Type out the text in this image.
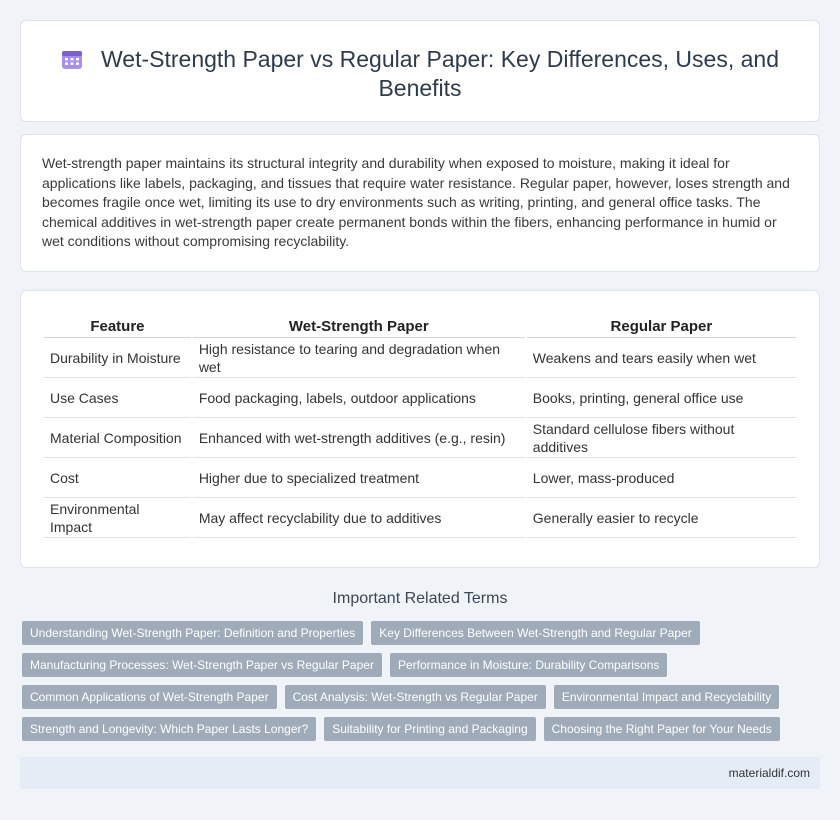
Wet-Strength Paper vs Regular Paper: Key Differences, Uses, and Benefits

Wet-strength paper maintains its structural integrity and durability when exposed to moisture, making it ideal for applications like labels, packaging, and tissues that require water resistance. Regular paper, however, loses strength and becomes fragile once wet, limiting its use to dry environments such as writing, printing, and general office tasks. The chemical additives in wet-strength paper create permanent bonds within the fibers, enhancing performance in humid or wet conditions without compromising recyclability.

Feature	Wet-Strength Paper	Regular Paper
Durability in Moisture	High resistance to tearing and degradation when wet	Weakens and tears easily when wet
Use Cases	Food packaging, labels, outdoor applications	Books, printing, general office use
Material Composition	Enhanced with wet-strength additives (e.g., resin)	Standard cellulose fibers without additives
Cost	Higher due to specialized treatment	Lower, mass-produced
Environmental Impact	May affect recyclability due to additives	Generally easier to recycle
Important Related Terms
Understanding Wet-Strength Paper: Definition and Properties	Key Differences Between Wet-Strength and Regular Paper
Manufacturing Processes: Wet-Strength Paper vs Regular Paper	Performance in Moisture: Durability Comparisons
Common Applications of Wet-Strength Paper	Cost Analysis: Wet-Strength vs Regular Paper	Environmental Impact and Recyclability
Strength and Longevity: Which Paper Lasts Longer?	Suitability for Printing and Packaging	Choosing the Right Paper for Your Needs
materialdif.com
